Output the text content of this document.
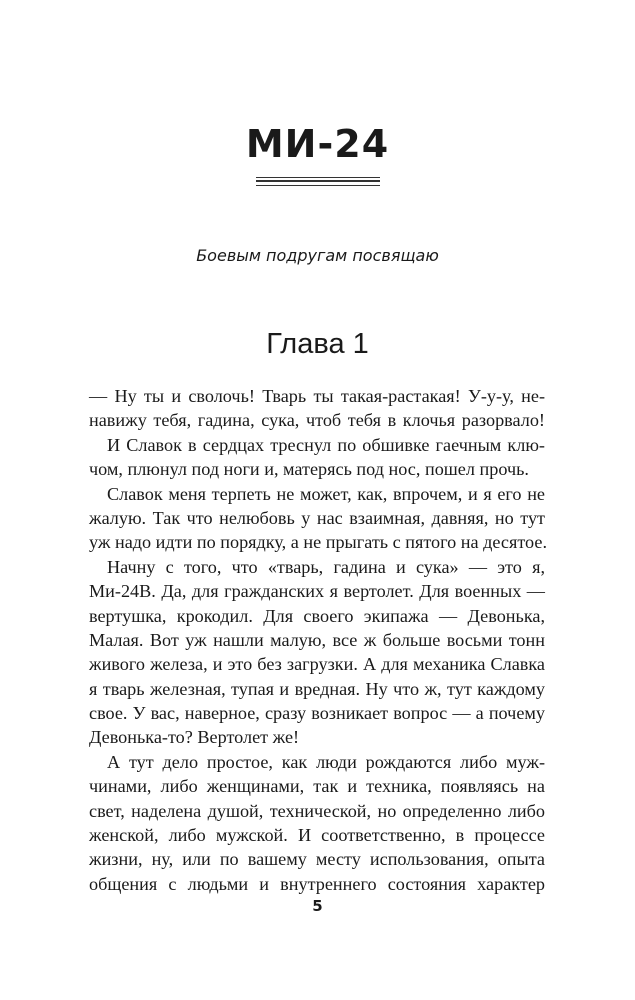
МИ-24
Боевым подругам посвящаю
Глава 1
— Ну ты и сволочь! Тварь ты такая-растакая! У-у-у, не-
навижу тебя, гадина, сука, чтоб тебя в клочья разорвало!
И Славок в сердцах треснул по обшивке гаечным клю-
чом, плюнул под ноги и, матерясь под нос, пошел прочь.
Славок меня терпеть не может, как, впрочем, и я его не
жалую. Так что нелюбовь у нас взаимная, давняя, но тут
уж надо идти по порядку, а не прыгать с пятого на десятое.
Начну с того, что «тварь, гадина и сука» — это я,
Ми-24В. Да, для гражданских я вертолет. Для военных —
вертушка, крокодил. Для своего экипажа — Девонька,
Малая. Вот уж нашли малую, все ж больше восьми тонн
живого железа, и это без загрузки. А для механика Славка
я тварь железная, тупая и вредная. Ну что ж, тут каждому
свое. У вас, наверное, сразу возникает вопрос — а почему
Девонька-то? Вертолет же!
А тут дело простое, как люди рождаются либо муж-
чинами, либо женщинами, так и техника, появляясь на
свет, наделена душой, технической, но определенно либо
женской, либо мужской. И соответственно, в процессе
жизни, ну, или по вашему месту использования, опыта
общения с людьми и внутреннего состояния характер
5
